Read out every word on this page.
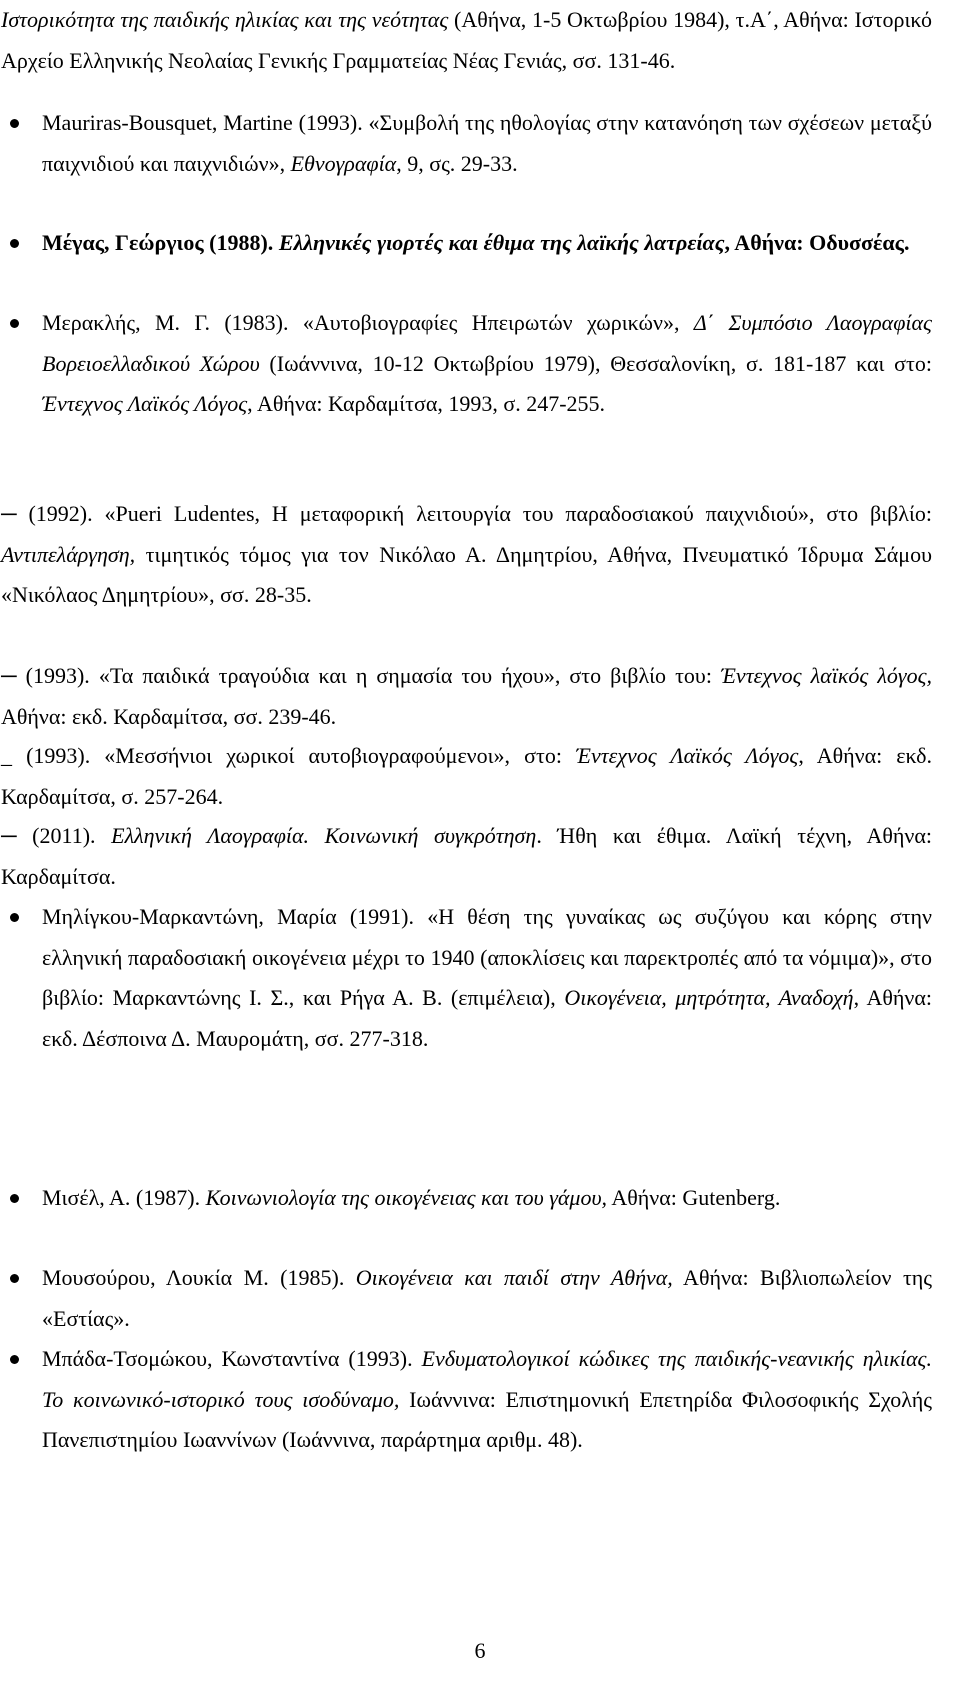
Ιστορικότητα της παιδικής ηλικίας και της νεότητας (Αθήνα, 1-5 Οκτωβρίου 1984), τ.Α΄, Αθήνα: Ιστορικό Αρχείο Ελληνικής Νεολαίας Γενικής Γραμματείας Νέας Γενιάς, σσ. 131-46.
Mauriras-Bousquet, Martine (1993). «Συμβολή της ηθολογίας στην κατανόηση των σχέσεων μεταξύ παιχνιδιού και παιχνιδιών», Εθνογραφία, 9, σς. 29-33.
Μέγας, Γεώργιος (1988). Ελληνικές γιορτές και έθιμα της λαϊκής λατρείας, Αθήνα: Οδυσσέας.
Μερακλής, Μ. Γ. (1983). «Αυτοβιογραφίες Ηπειρωτών χωρικών», Δ΄ Συμπόσιο Λαογραφίας Βορειοελλαδικού Χώρου (Ιωάννινα, 10-12 Οκτωβρίου 1979), Θεσσαλονίκη, σ. 181-187 και στο: Έντεχνος Λαϊκός Λόγος, Αθήνα: Καρδαμίτσα, 1993, σ. 247-255.
─ (1992). «Pueri Ludentes, Η μεταφορική λειτουργία του παραδοσιακού παιχνιδιού», στο βιβλίο: Αντιπελάργηση, τιμητικός τόμος για τον Νικόλαο Α. Δημητρίου, Αθήνα, Πνευματικό Ίδρυμα Σάμου «Νικόλαος Δημητρίου», σσ. 28-35.
─ (1993). «Τα παιδικά τραγούδια και η σημασία του ήχου», στο βιβλίο του: Έντεχνος λαϊκός λόγος, Αθήνα: εκδ. Καρδαμίτσα, σσ. 239-46.
_ (1993). «Μεσσήνιοι χωρικοί αυτοβιογραφούμενοι», στο: Έντεχνος Λαϊκός Λόγος, Αθήνα: εκδ. Καρδαμίτσα, σ. 257-264.
─ (2011). Ελληνική Λαογραφία. Κοινωνική συγκρότηση. Ήθη και έθιμα. Λαϊκή τέχνη, Αθήνα: Καρδαμίτσα.
Μηλίγκου-Μαρκαντώνη, Μαρία (1991). «Η θέση της γυναίκας ως συζύγου και κόρης στην ελληνική παραδοσιακή οικογένεια μέχρι το 1940 (αποκλίσεις και παρεκτροπές από τα νόμιμα)», στο βιβλίο: Μαρκαντώνης Ι. Σ., και Ρήγα Α. Β. (επιμέλεια), Οικογένεια, μητρότητα, Αναδοχή, Αθήνα: εκδ. Δέσποινα Δ. Μαυρομάτη, σσ. 277-318.
Μισέλ, Α. (1987). Κοινωνιολογία της οικογένειας και του γάμου, Αθήνα: Gutenberg.
Μουσούρου, Λουκία Μ. (1985). Οικογένεια και παιδί στην Αθήνα, Αθήνα: Βιβλιοπωλείον της «Εστίας».
Μπάδα-Τσομώκου, Κωνσταντίνα (1993). Ενδυματολογικοί κώδικες της παιδικής-νεανικής ηλικίας. Το κοινωνικό-ιστορικό τους ισοδύναμο, Ιωάννινα: Επιστημονική Επετηρίδα Φιλοσοφικής Σχολής Πανεπιστημίου Ιωαννίνων (Ιωάννινα, παράρτημα αριθμ. 48).
6
